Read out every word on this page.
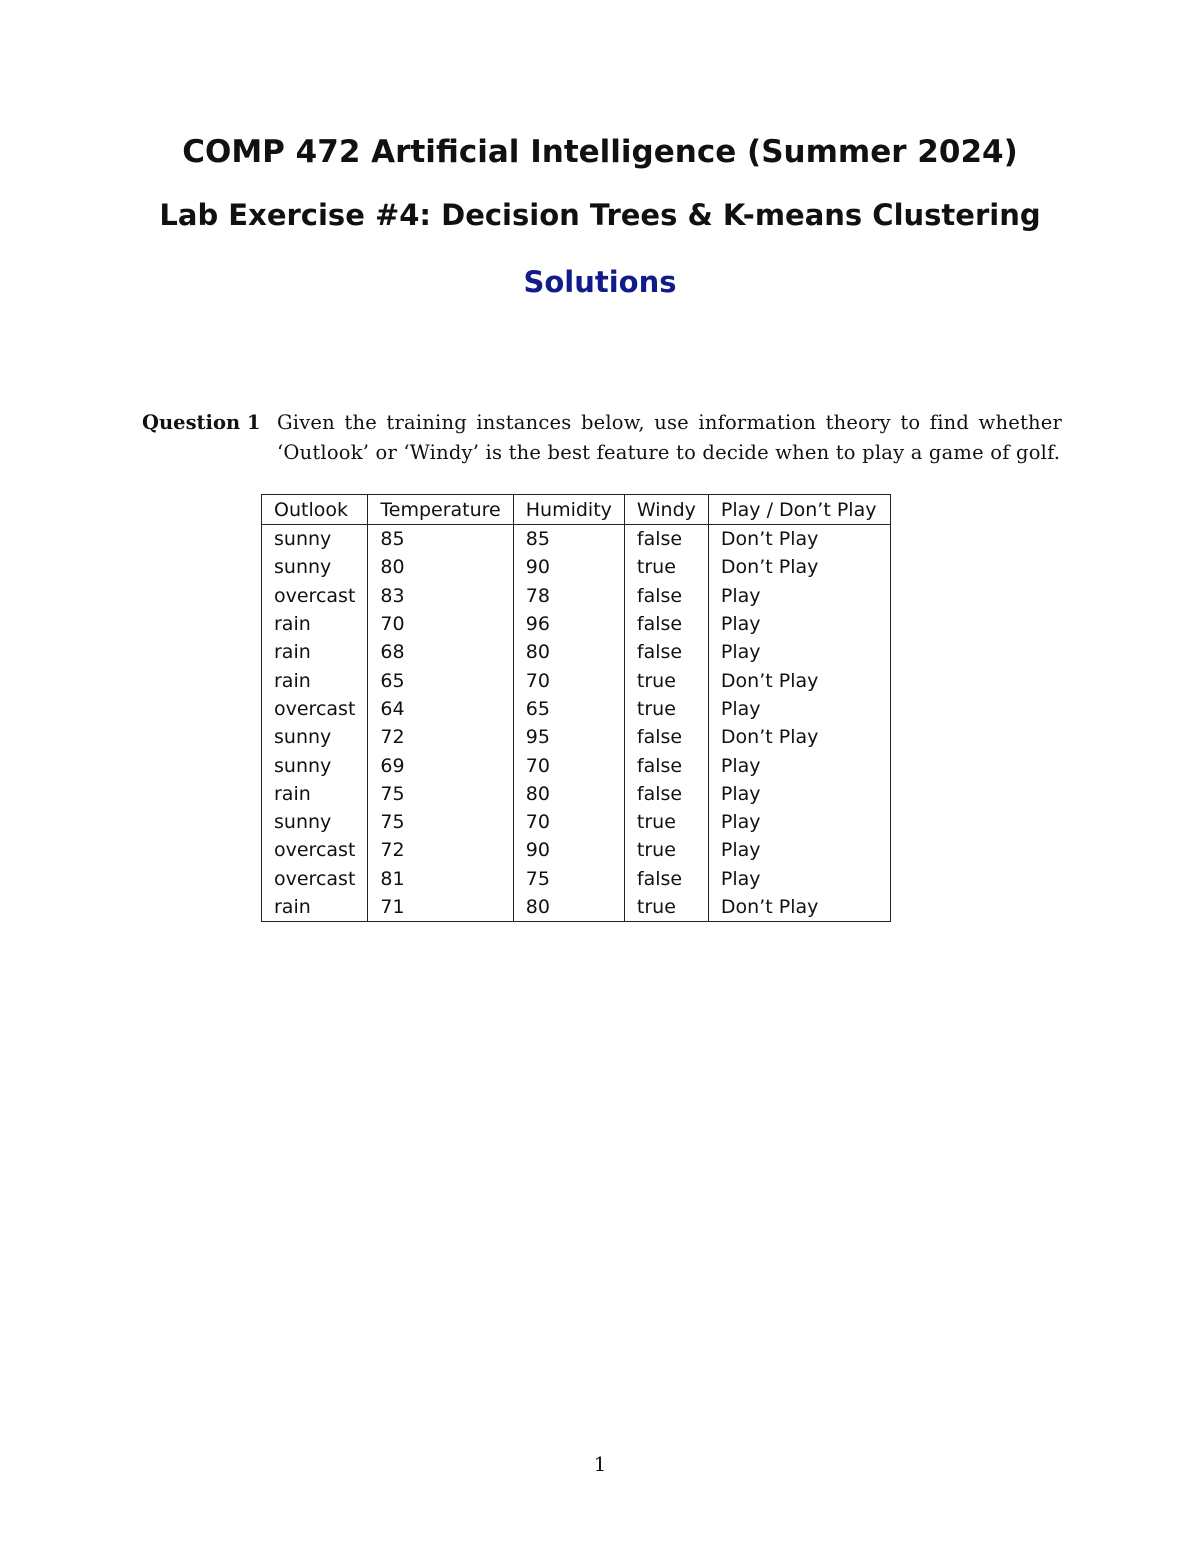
COMP 472 Artificial Intelligence (Summer 2024)
Lab Exercise #4: Decision Trees & K-means Clustering
Solutions
Question 1 Given the training instances below, use information theory to find whether ‘Outlook’ or ‘Windy’ is the best feature to decide when to play a game of golf.
Outlook	Temperature	Humidity	Windy	Play / Don’t Play
sunny	85	85	false	Don’t Play
sunny	80	90	true	Don’t Play
overcast	83	78	false	Play
rain	70	96	false	Play
rain	68	80	false	Play
rain	65	70	true	Don’t Play
overcast	64	65	true	Play
sunny	72	95	false	Don’t Play
sunny	69	70	false	Play
rain	75	80	false	Play
sunny	75	70	true	Play
overcast	72	90	true	Play
overcast	81	75	false	Play
rain	71	80	true	Don’t Play
1
